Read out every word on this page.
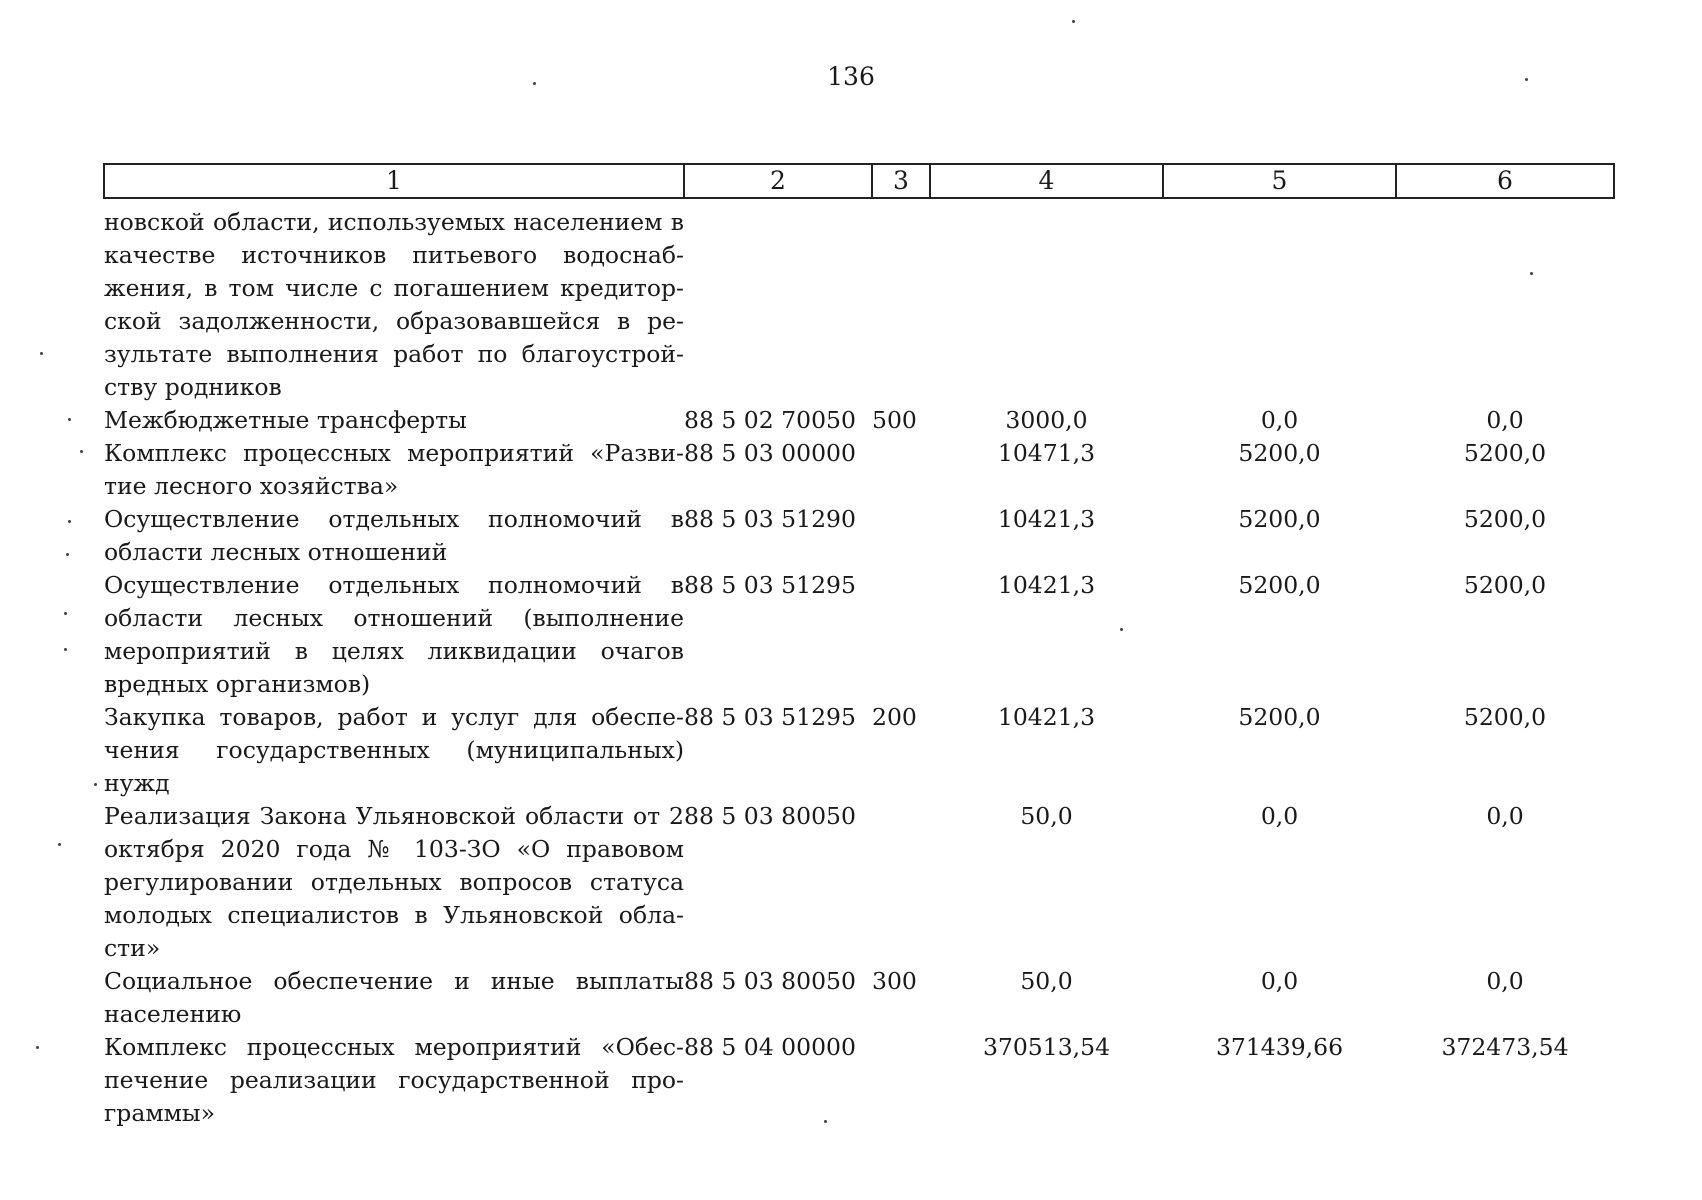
136
1	2	3	4	5	6

новской области, используемых населением в качестве источников питьевого водоснаб-жения, в том числе с погашением кредитор-ской задолженности, образовавшейся в ре-зультате выполнения работ по благоустрой-ству родников					
Межбюджетные трансферты	88 5 02 70050	500	3000,0	0,0	0,0
Комплекс процессных мероприятий «Разви-тие лесного хозяйства»	88 5 03 00000		10471,3	5200,0	5200,0
Осуществление отдельных полномочий в области лесных отношений	88 5 03 51290		10421,3	5200,0	5200,0
Осуществление отдельных полномочий в области лесных отношений (выполнение мероприятий в целях ликвидации очагов вредных организмов)	88 5 03 51295		10421,3	5200,0	5200,0
Закупка товаров, работ и услуг для обеспе-чения государственных (муниципальных) нужд	88 5 03 51295	200	10421,3	5200,0	5200,0
Реализация Закона Ульяновской области от 2 октября 2020 года № 103-ЗО «О правовом регулировании отдельных вопросов статуса молодых специалистов в Ульяновской обла-сти»	88 5 03 80050		50,0	0,0	0,0
Социальное обеспечение и иные выплаты населению	88 5 03 80050	300	50,0	0,0	0,0
Комплекс процессных мероприятий «Обес-печение реализации государственной про-граммы»	88 5 04 00000		370513,54	371439,66	372473,54
